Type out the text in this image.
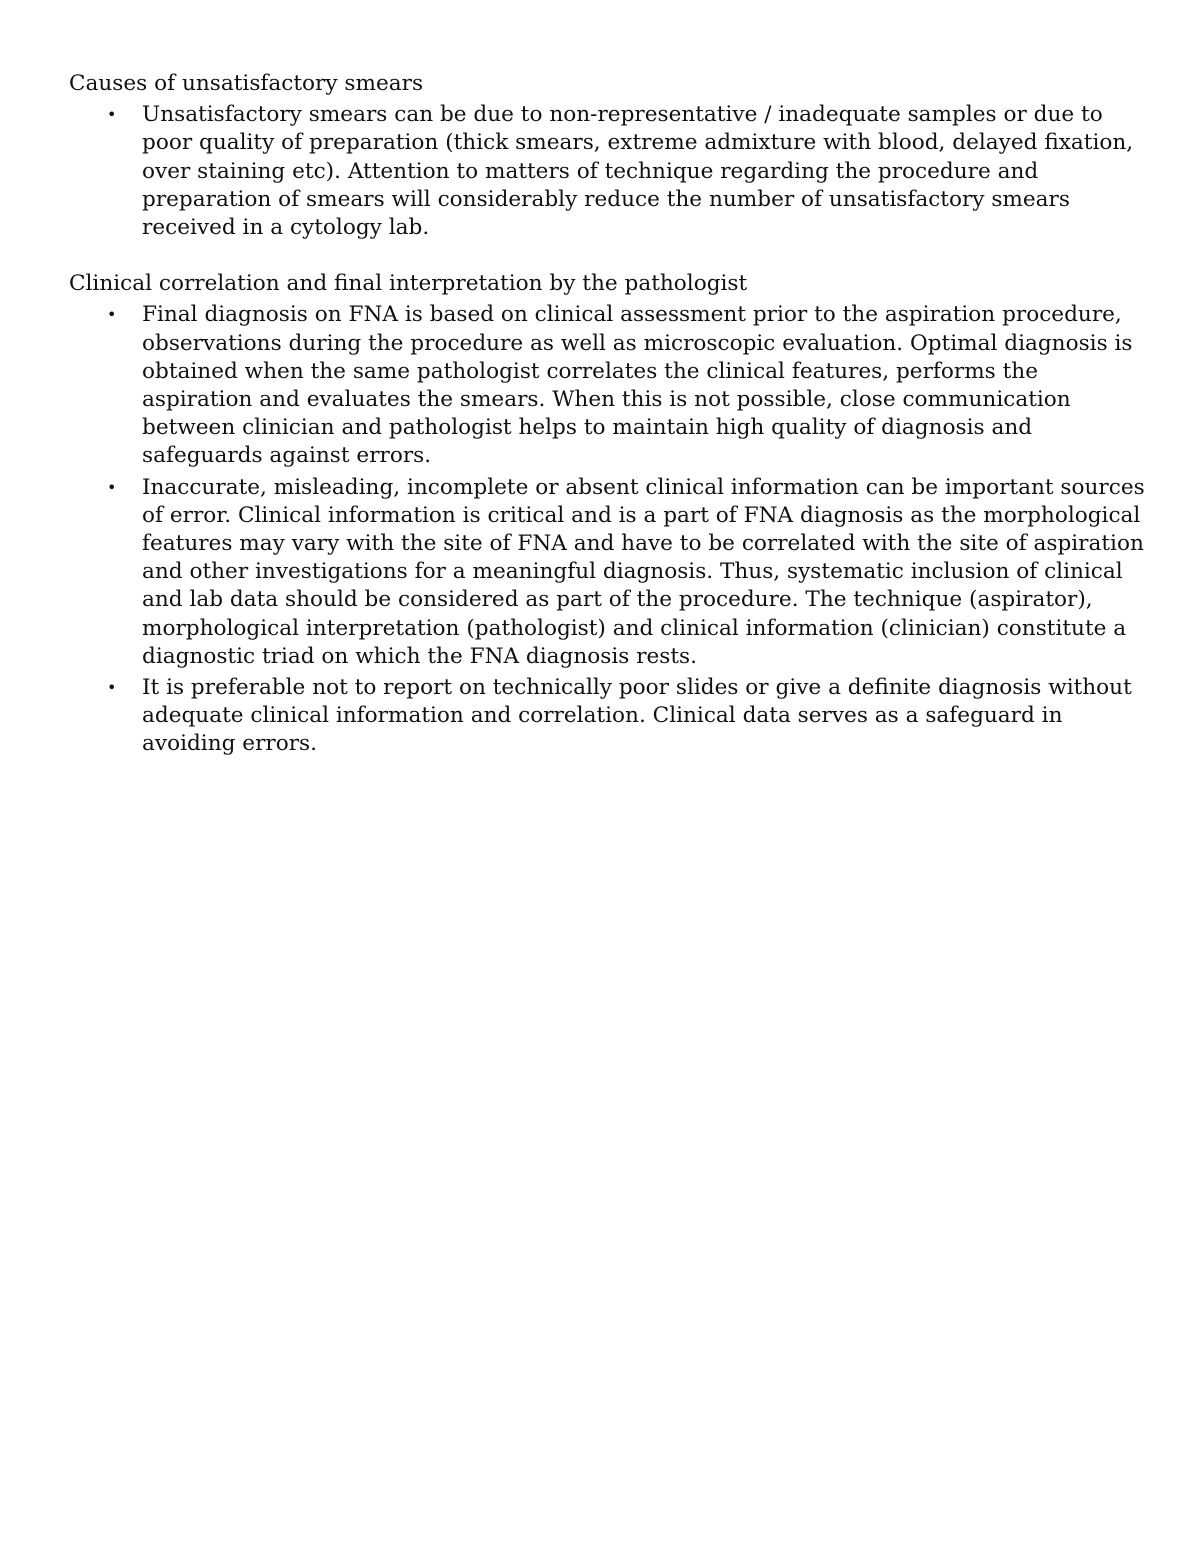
Causes of unsatisfactory smears

• Unsatisfactory smears can be due to non-representative / inadequate samples or due to poor quality of preparation (thick smears, extreme admixture with blood, delayed fixation, over staining etc). Attention to matters of technique regarding the procedure and preparation of smears will considerably reduce the number of unsatisfactory smears received in a cytology lab.

Clinical correlation and final interpretation by the pathologist

• Final diagnosis on FNA is based on clinical assessment prior to the aspiration procedure, observations during the procedure as well as microscopic evaluation. Optimal diagnosis is obtained when the same pathologist correlates the clinical features, performs the aspiration and evaluates the smears. When this is not possible, close communication between clinician and pathologist helps to maintain high quality of diagnosis and safeguards against errors.
• Inaccurate, misleading, incomplete or absent clinical information can be important sources of error. Clinical information is critical and is a part of FNA diagnosis as the morphological features may vary with the site of FNA and have to be correlated with the site of aspiration and other investigations for a meaningful diagnosis. Thus, systematic inclusion of clinical and lab data should be considered as part of the procedure. The technique (aspirator), morphological interpretation (pathologist) and clinical information (clinician) constitute a diagnostic triad on which the FNA diagnosis rests.
• It is preferable not to report on technically poor slides or give a definite diagnosis without adequate clinical information and correlation. Clinical data serves as a safeguard in avoiding errors.
